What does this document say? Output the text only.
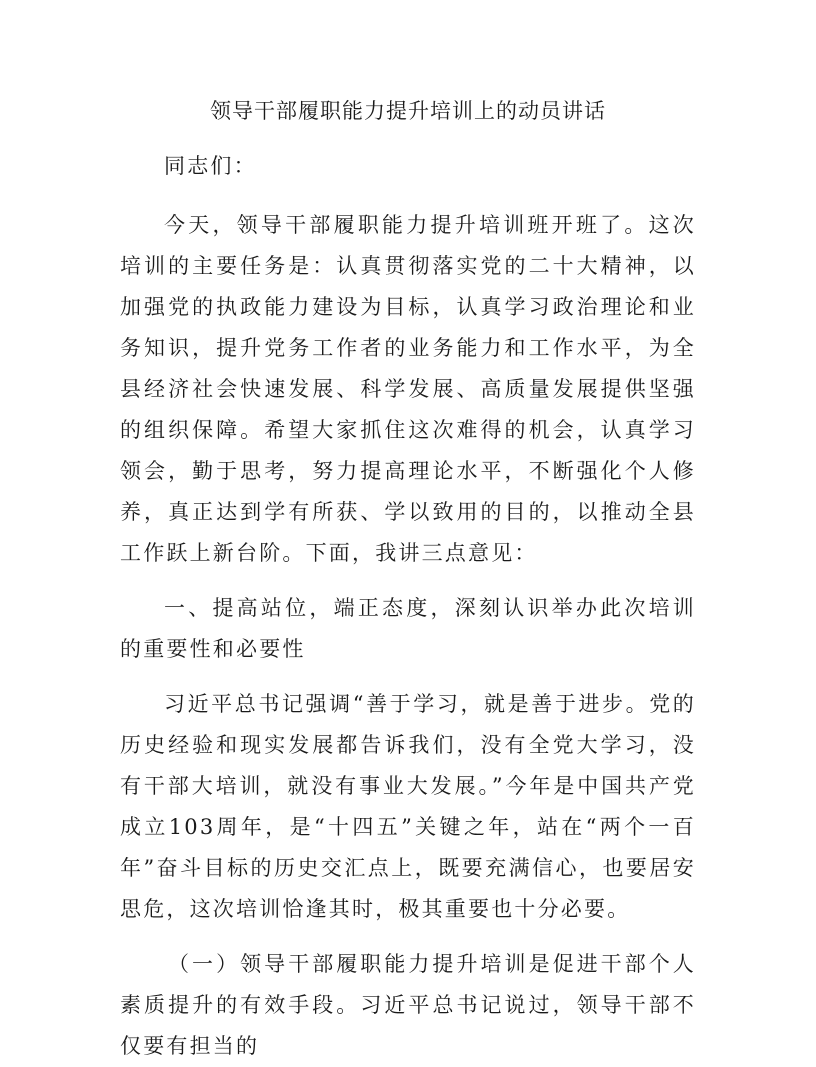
领导干部履职能力提升培训上的动员讲话

同志们：

今天，领导干部履职能力提升培训班开班了。这次培训的主要任务是：认真贯彻落实党的二十大精神，以加强党的执政能力建设为目标，认真学习政治理论和业务知识，提升党务工作者的业务能力和工作水平，为全县经济社会快速发展、科学发展、高质量发展提供坚强的组织保障。希望大家抓住这次难得的机会，认真学习领会，勤于思考，努力提高理论水平，不断强化个人修养，真正达到学有所获、学以致用的目的，以推动全县工作跃上新台阶。下面，我讲三点意见：

一、提高站位，端正态度，深刻认识举办此次培训的重要性和必要性

习近平总书记强调“善于学习，就是善于进步。党的历史经验和现实发展都告诉我们，没有全党大学习，没有干部大培训，就没有事业大发展。”今年是中国共产党成立103周年，是“十四五”关键之年，站在“两个一百年”奋斗目标的历史交汇点上，既要充满信心，也要居安思危，这次培训恰逢其时，极其重要也十分必要。

（一）领导干部履职能力提升培训是促进干部个人素质提升的有效手段。习近平总书记说过，领导干部不仅要有担当的
